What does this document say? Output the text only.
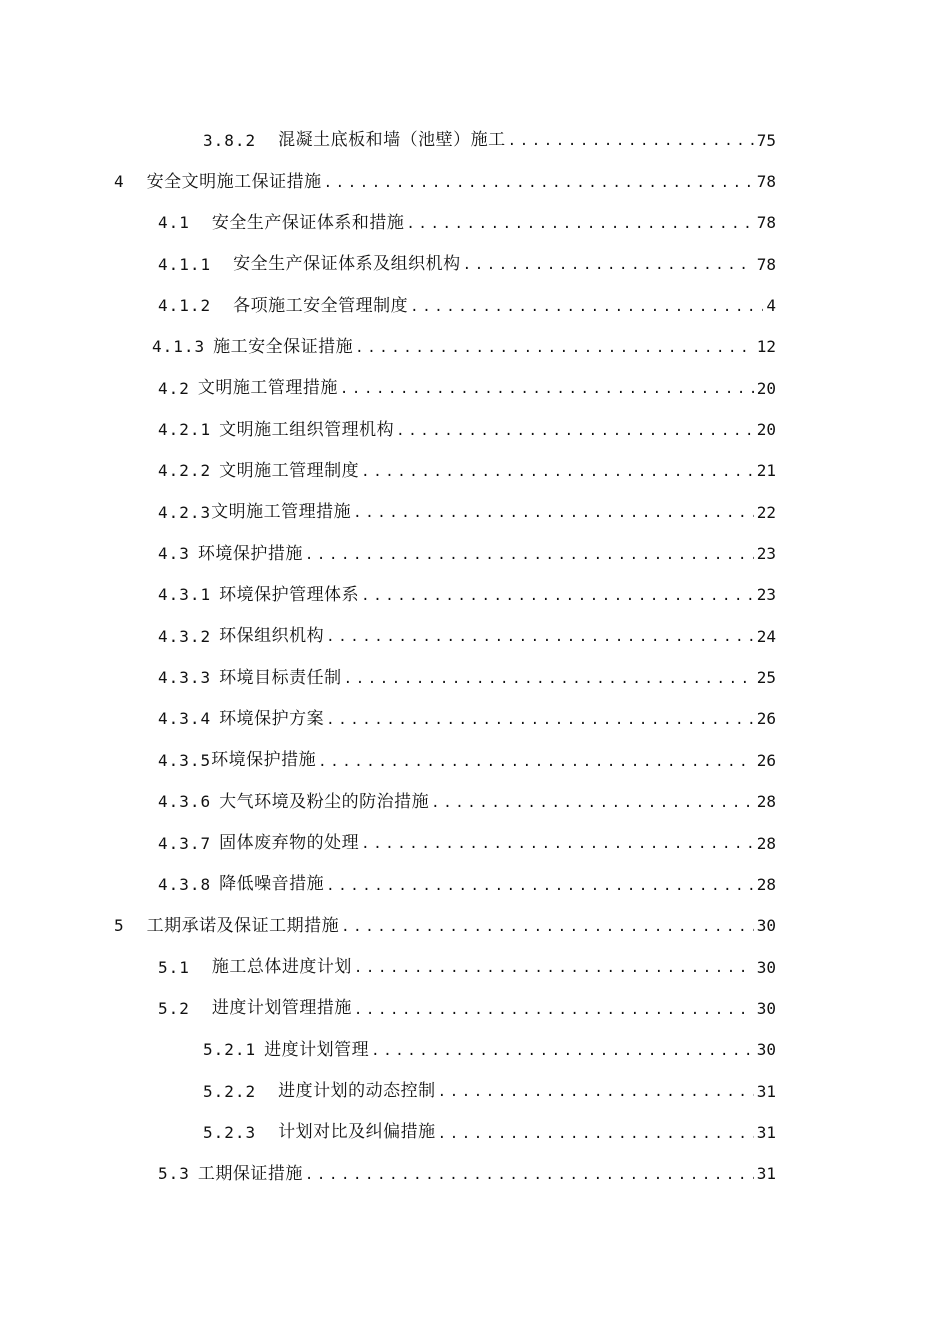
3.8.2 混凝土底板和墙（池壁）施工 .....	75
4 安全文明施工保证措施 .....	78
4.1 安全生产保证体系和措施 .....	78
4.1.1 安全生产保证体系及组织机构 .....	78
4.1.2 各项施工安全管理制度 .....	4
4.1.3 施工安全保证措施 .....	12
4.2 文明施工管理措施 .....	20
4.2.1 文明施工组织管理机构 .....	20
4.2.2 文明施工管理制度 .....	21
4.2.3 文明施工管理措施 .....	22
4.3 环境保护措施 .....	23
4.3.1 环境保护管理体系 .....	23
4.3.2 环保组织机构 .....	24
4.3.3 环境目标责任制 .....	25
4.3.4 环境保护方案 .....	26
4.3.5 环境保护措施 .....	26
4.3.6 大气环境及粉尘的防治措施 .....	28
4.3.7 固体废弃物的处理 .....	28
4.3.8 降低噪音措施 .....	28
5 工期承诺及保证工期措施 .....	30
5.1 施工总体进度计划 .....	30
5.2 进度计划管理措施 .....	30
5.2.1 进度计划管理 .....	30
5.2.2 进度计划的动态控制 .....	31
5.2.3 计划对比及纠偏措施 .....	31
5.3 工期保证措施 .....	31
